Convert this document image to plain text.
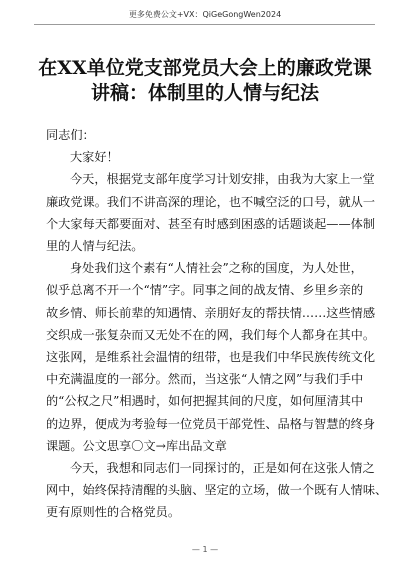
更多免费公文+VX：QiGeGongWen2024
在XX单位党支部党员大会上的廉政党课
讲稿：体制里的人情与纪法

同志们：

大家好！

今天，根据党支部年度学习计划安排，由我为大家上一堂
廉政党课。我们不讲高深的理论，也不喊空泛的口号，就从一
个大家每天都要面对、甚至有时感到困惑的话题谈起——体制
里的人情与纪法。

身处我们这个素有“人情社会”之称的国度，为人处世，
似乎总离不开一个“情”字。同事之间的战友情、乡里乡亲的
故乡情、师长前辈的知遇情、亲朋好友的帮扶情……这些情感
交织成一张复杂而又无处不在的网，我们每个人都身在其中。
这张网，是维系社会温情的纽带，也是我们中华民族传统文化
中充满温度的一部分。然而，当这张“人情之网”与我们手中
的“公权之尺”相遇时，如何把握其间的尺度，如何厘清其中
的边界，便成为考验每一位党员干部党性、品格与智慧的终身
课题。公文思享〇文→库出品文章

今天，我想和同志们一同探讨的，正是如何在这张人情之
网中，始终保持清醒的头脑、坚定的立场，做一个既有人情味、
更有原则性的合格党员。

— 1 —
